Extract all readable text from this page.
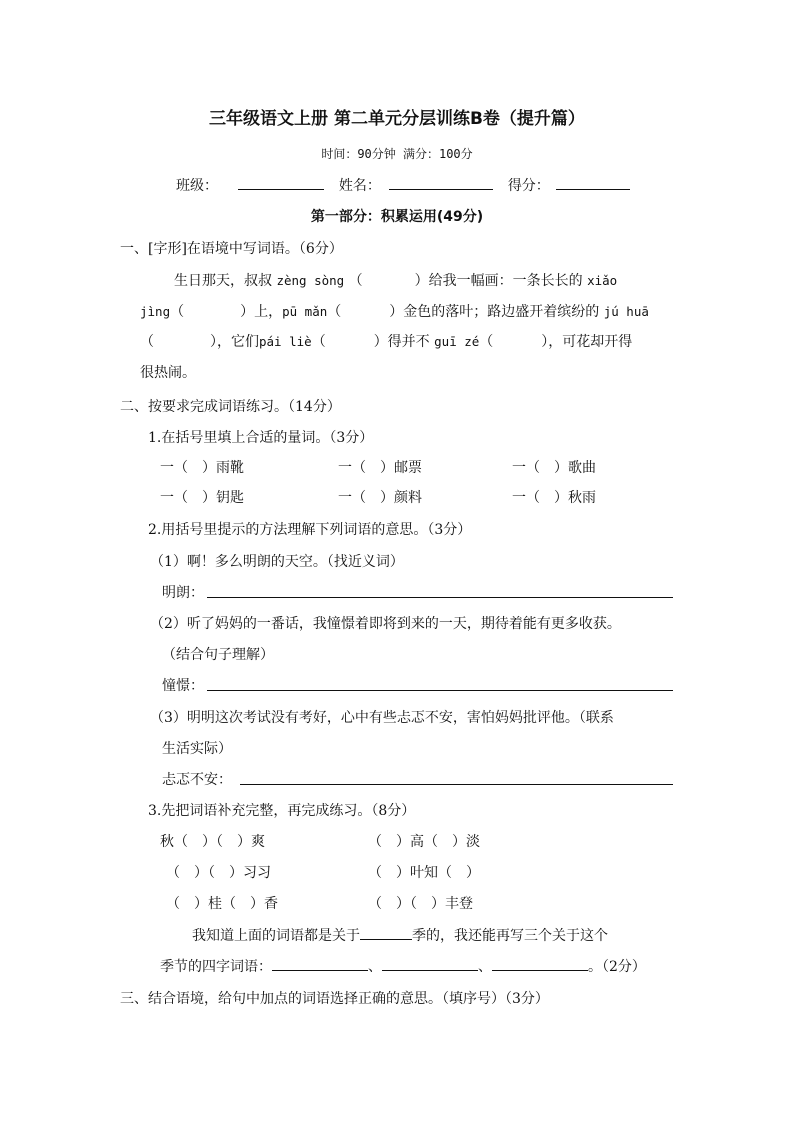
三年级语文上册 第二单元分层训练B卷（提升篇）
时间：90分钟 满分：100分
班级：	姓名：	得分：
第一部分：积累运用(49分)
一、[字形]在语境中写词语。（6分）
生日那天，叔叔 zèng sòng （	）给我一幅画：一条长长的 xiǎo
jìng（	）上，pū mǎn（	）金色的落叶；路边盛开着缤纷的 jú huā
（	），它们pái liè（	）得并不 guī zé（	），可花却开得
很热闹。
二、按要求完成词语练习。（14分）
1.在括号里填上合适的量词。（3分）
一（　）雨靴	一（　）邮票	一（　）歌曲
一（　）钥匙	一（　）颜料	一（　）秋雨
2.用括号里提示的方法理解下列词语的意思。（3分）
（1）啊！多么明朗的天空。（找近义词）
明朗：
（2）听了妈妈的一番话，我憧憬着即将到来的一天，期待着能有更多收获。
（结合句子理解）
憧憬：
（3）明明这次考试没有考好，心中有些忐忑不安，害怕妈妈批评他。（联系
生活实际）
忐忑不安：
3.先把词语补充完整，再完成练习。（8分）
秋（　）（　）爽	（　）高（　）淡
（　）（　）习习	（　）叶知（　）
（　）桂（　）香	（　）（　）丰登
我知道上面的词语都是关于	季的，我还能再写三个关于这个
季节的四字词语：	、	、	。（2分）
三、结合语境，给句中加点的词语选择正确的意思。（填序号）（3分）
